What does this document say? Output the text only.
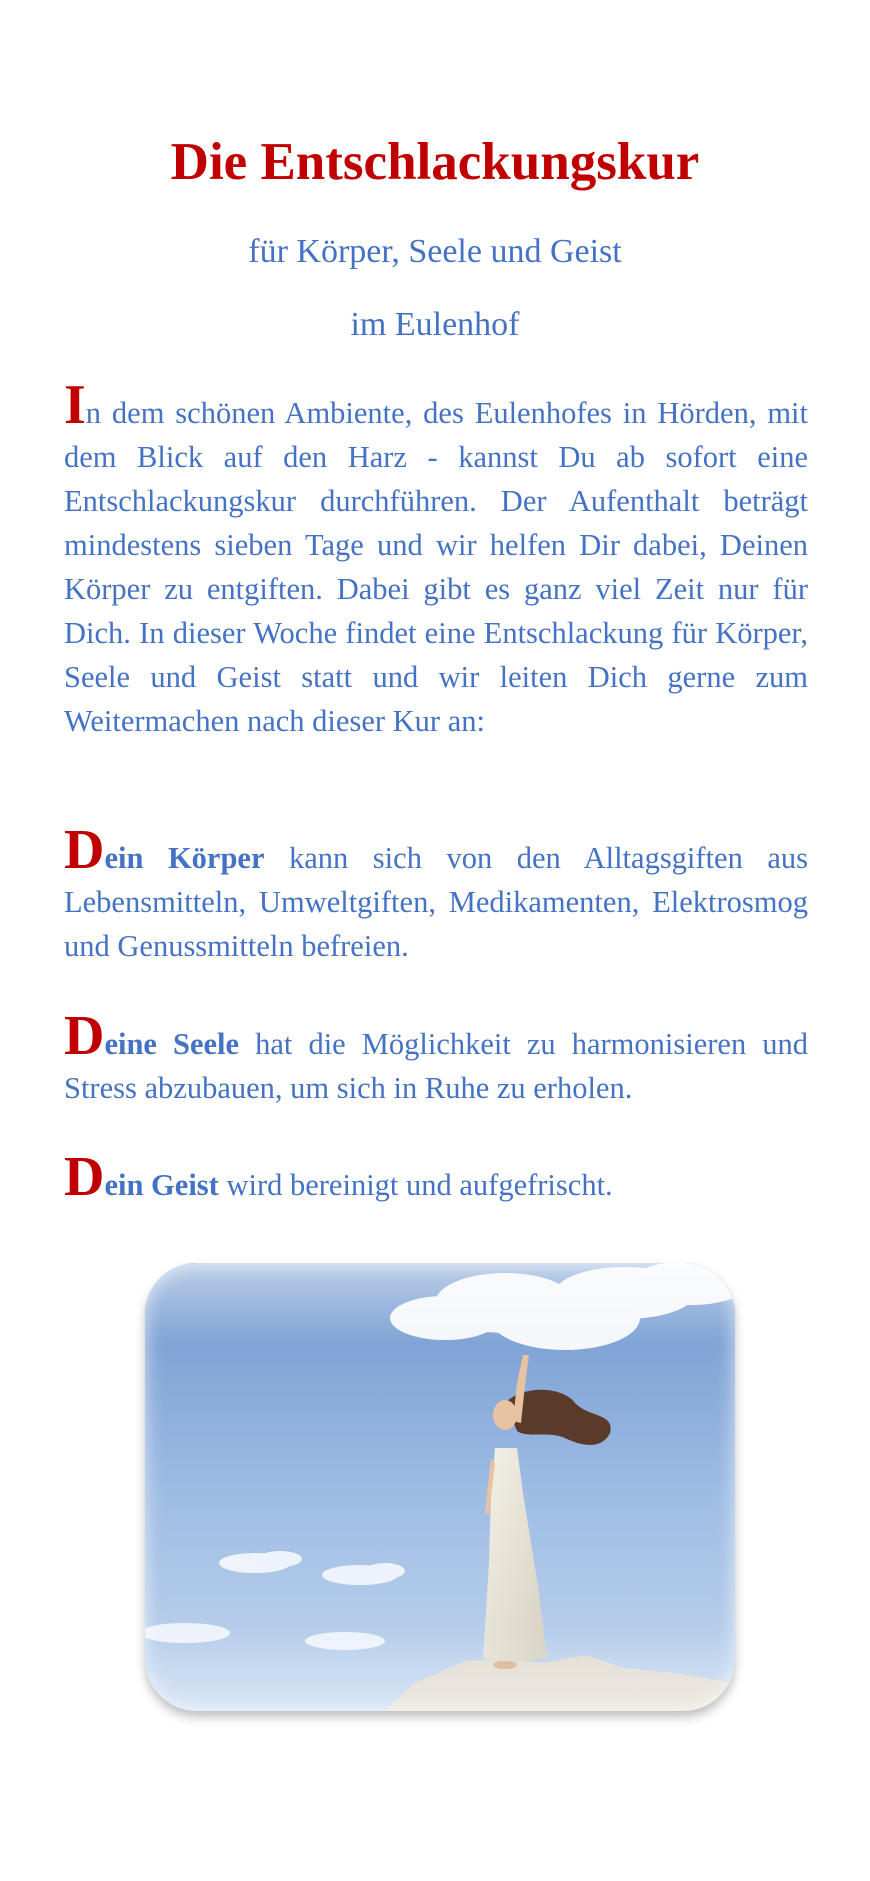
Die Entschlackungskur

für Körper, Seele und Geist

im Eulenhof

In dem schönen Ambiente, des Eulenhofes in Hörden, mit dem Blick auf den Harz - kannst Du ab sofort eine Entschlackungskur durchführen. Der Aufenthalt beträgt mindestens sieben Tage und wir helfen Dir dabei, Deinen Körper zu entgiften. Dabei gibt es ganz viel Zeit nur für Dich. In dieser Woche findet eine Entschlackung für Körper, Seele und Geist statt und wir leiten Dich gerne zum Weitermachen nach dieser Kur an:

Dein Körper kann sich von den Alltagsgiften aus Lebensmitteln, Umweltgiften, Medikamenten, Elektrosmog und Genussmitteln befreien.

Deine Seele hat die Möglichkeit zu harmonisieren und Stress abzubauen, um sich in Ruhe zu erholen.

Dein Geist wird bereinigt und aufgefrischt.
